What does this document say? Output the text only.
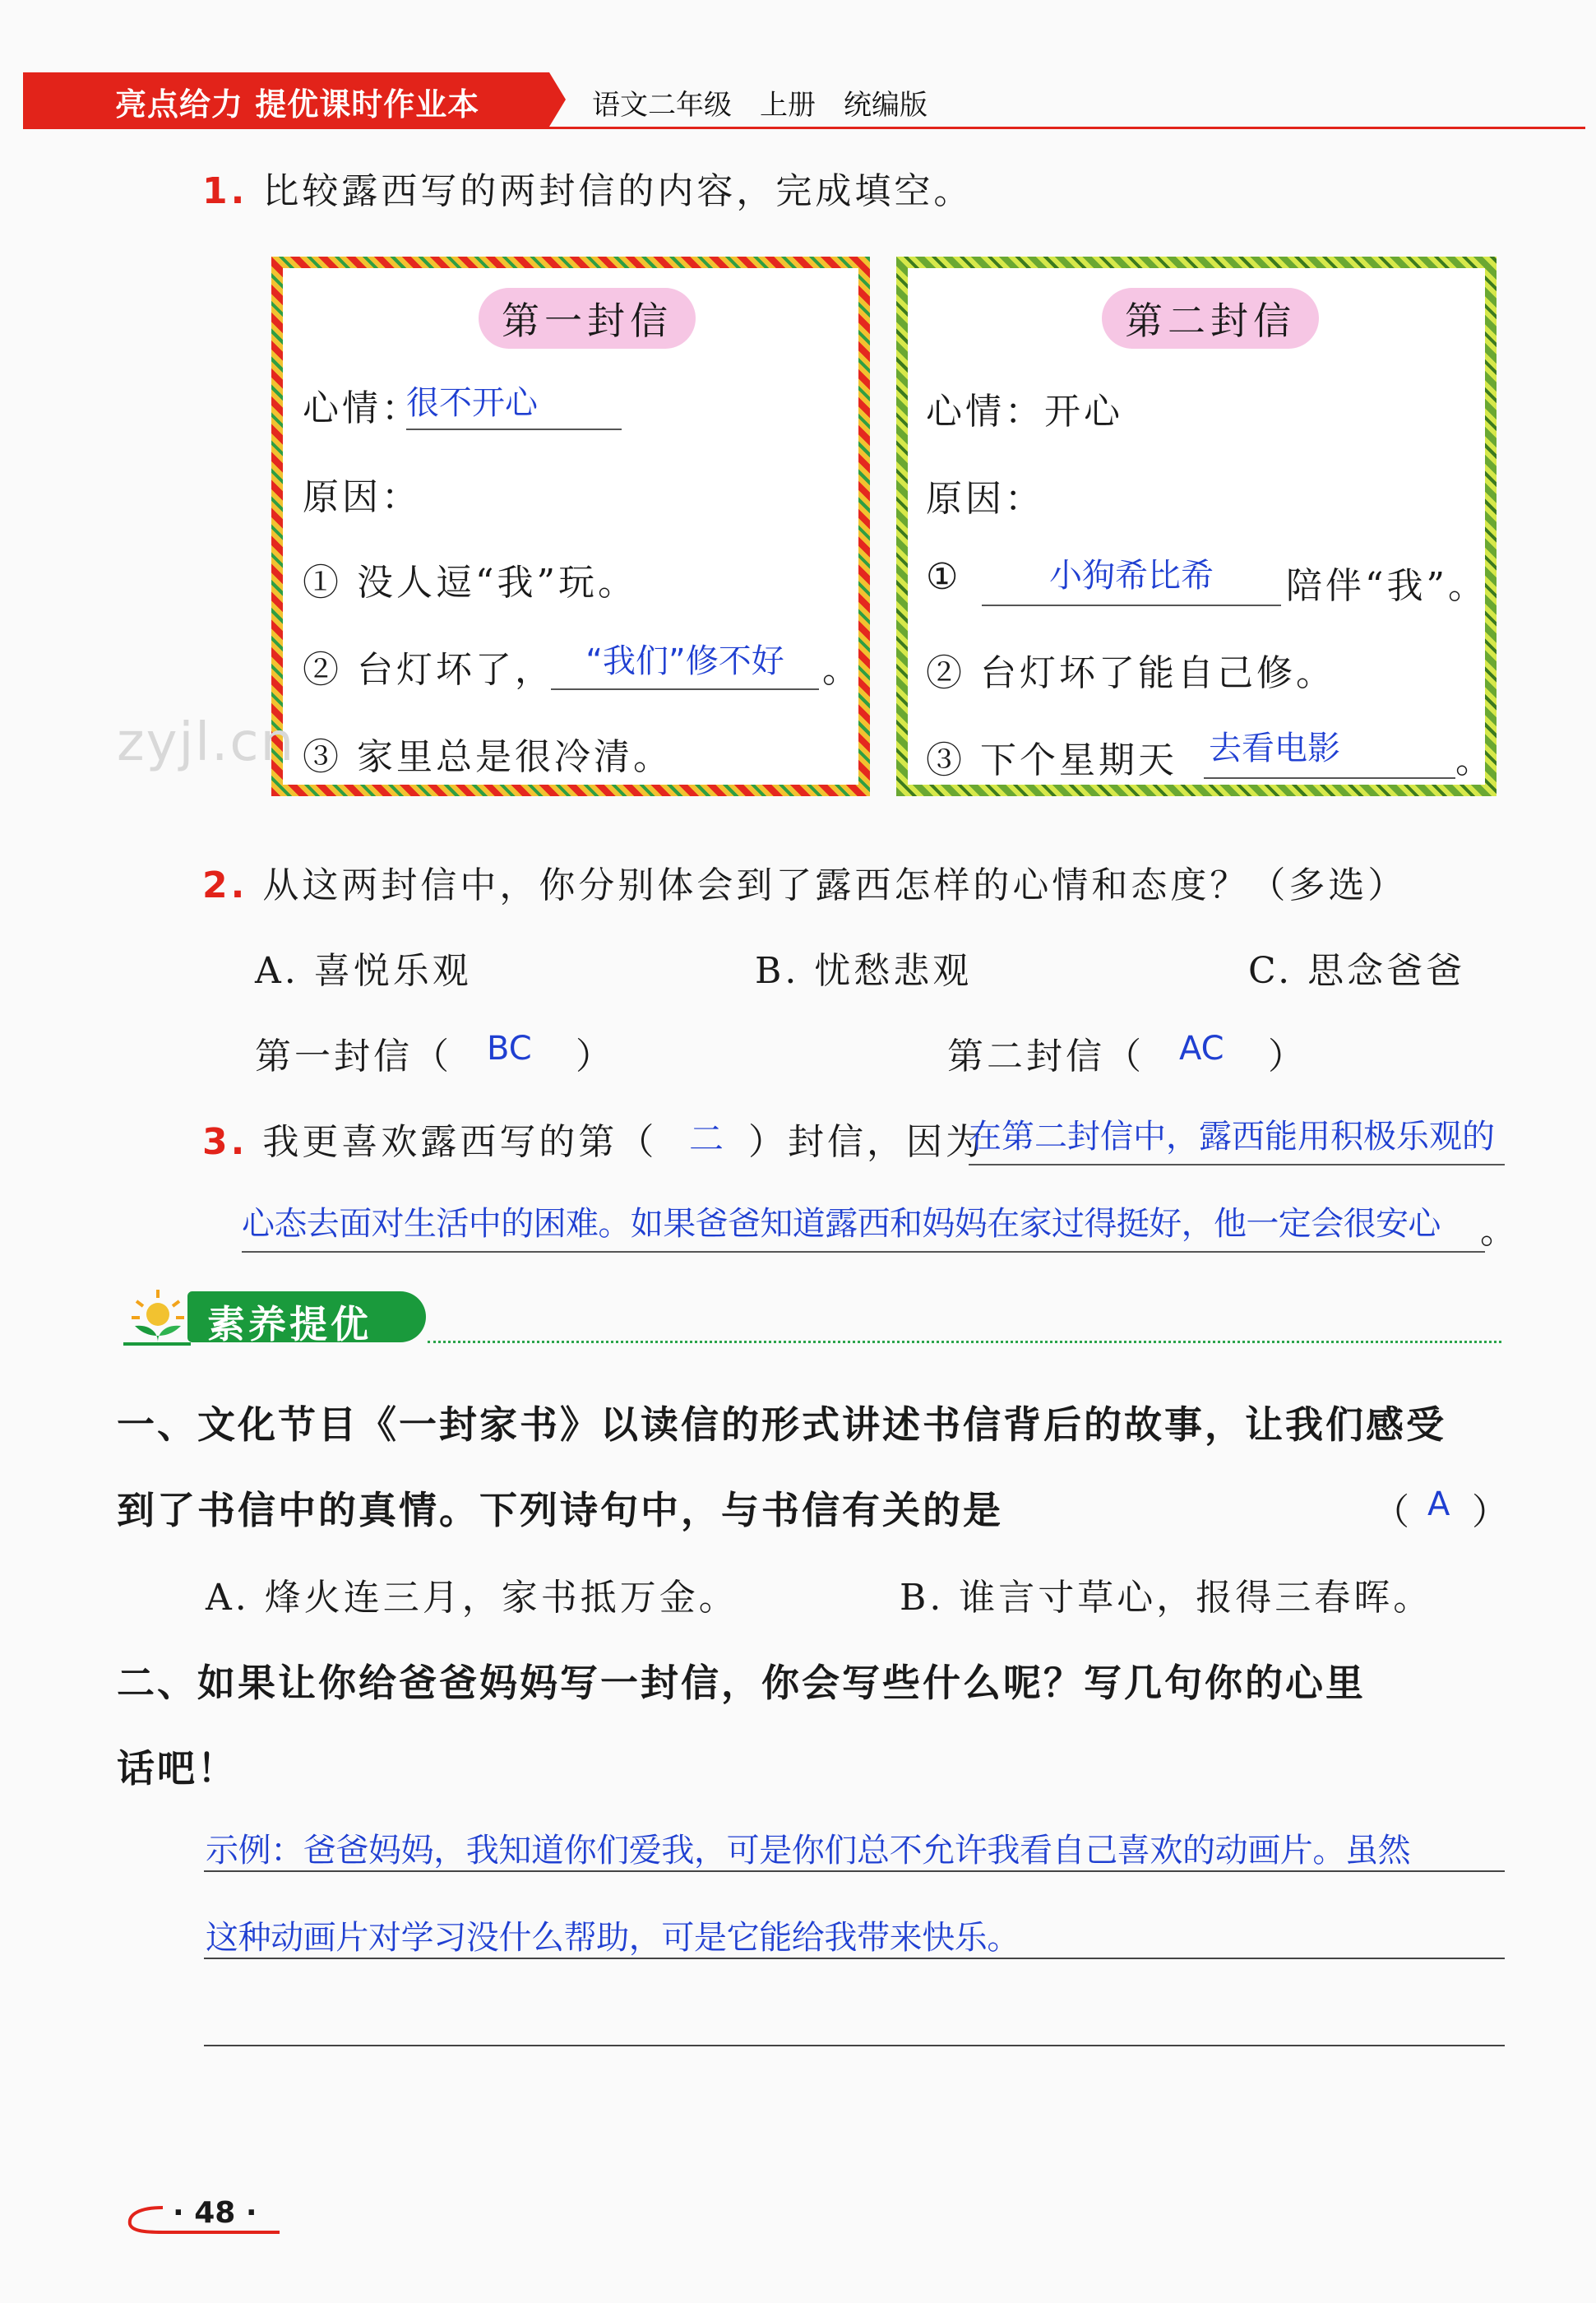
亮点给力 提优课时作业本	语文二年级　上册　统编版
1. 比较露西写的两封信的内容，完成填空。
第一封信
心情：
很不开心
原因：
① 没人逗“我”玩。
② 台灯坏了， “我们”修不好	。
③ 家里总是很冷清。
第二封信
心情：开心
原因：
①	小狗希比希	陪伴“我”。
② 台灯坏了能自己修。
③ 下个星期天 去看电影	。
zyjl.cn
2. 从这两封信中，你分别体会到了露西怎样的心情和态度？（多选）
A. 喜悦乐观	B. 忧愁悲观	C. 思念爸爸
第一封信（ BC ）	第二封信（ AC ）
3. 我更喜欢露西写的第（ 二 ）封信，因为
在第二封信中，露西能用积极乐观的
心态去面对生活中的困难。如果爸爸知道露西和妈妈在家过得挺好，他一定会很安心	。
素养提优
一、文化节目《一封家书》以读信的形式讲述书信背后的故事，让我们感受
到了书信中的真情。下列诗句中，与书信有关的是	（ A ）
A. 烽火连三月，家书抵万金。	B. 谁言寸草心，报得三春晖。
二、如果让你给爸爸妈妈写一封信，你会写些什么呢？写几句你的心里
话吧！
示例：爸爸妈妈，我知道你们爱我，可是你们总不允许我看自己喜欢的动画片。虽然
这种动画片对学习没什么帮助，可是它能给我带来快乐。
· 48 ·
